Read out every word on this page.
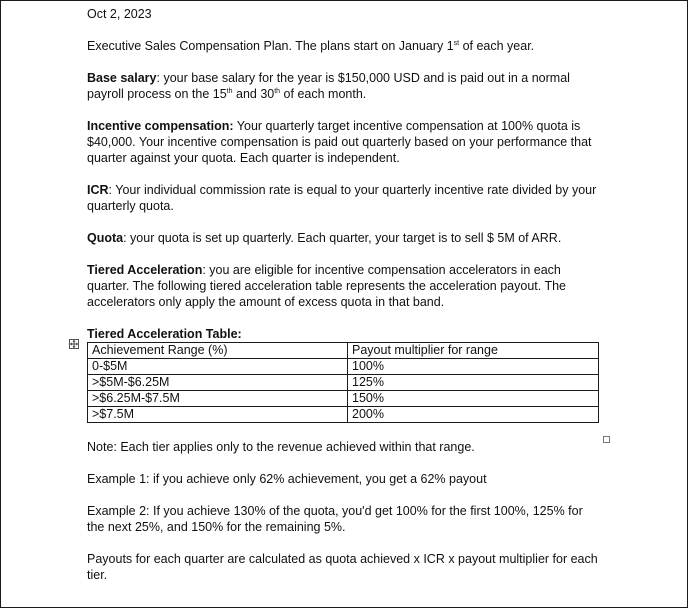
Oct 2, 2023

Executive Sales Compensation Plan. The plans start on January 1st of each year.

Base salary: your base salary for the year is $150,000 USD and is paid out in a normal payroll process on the 15th and 30th of each month.

Incentive compensation: Your quarterly target incentive compensation at 100% quota is $40,000. Your incentive compensation is paid out quarterly based on your performance that quarter against your quota. Each quarter is independent.

ICR: Your individual commission rate is equal to your quarterly incentive rate divided by your quarterly quota.

Quota: your quota is set up quarterly. Each quarter, your target is to sell $ 5M of ARR.

Tiered Acceleration: you are eligible for incentive compensation accelerators in each quarter. The following tiered acceleration table represents the acceleration payout. The accelerators only apply the amount of excess quota in that band.

Tiered Acceleration Table:

Achievement Range (%)	Payout multiplier for range
0-$5M	100%
>$5M-$6.25M	125%
>$6.25M-$7.5M	150%
>$7.5M	200%

Note: Each tier applies only to the revenue achieved within that range.

Example 1: if you achieve only 62% achievement, you get a 62% payout

Example 2: If you achieve 130% of the quota, you'd get 100% for the first 100%, 125% for the next 25%, and 150% for the remaining 5%.

Payouts for each quarter are calculated as quota achieved x ICR x payout multiplier for each tier.
